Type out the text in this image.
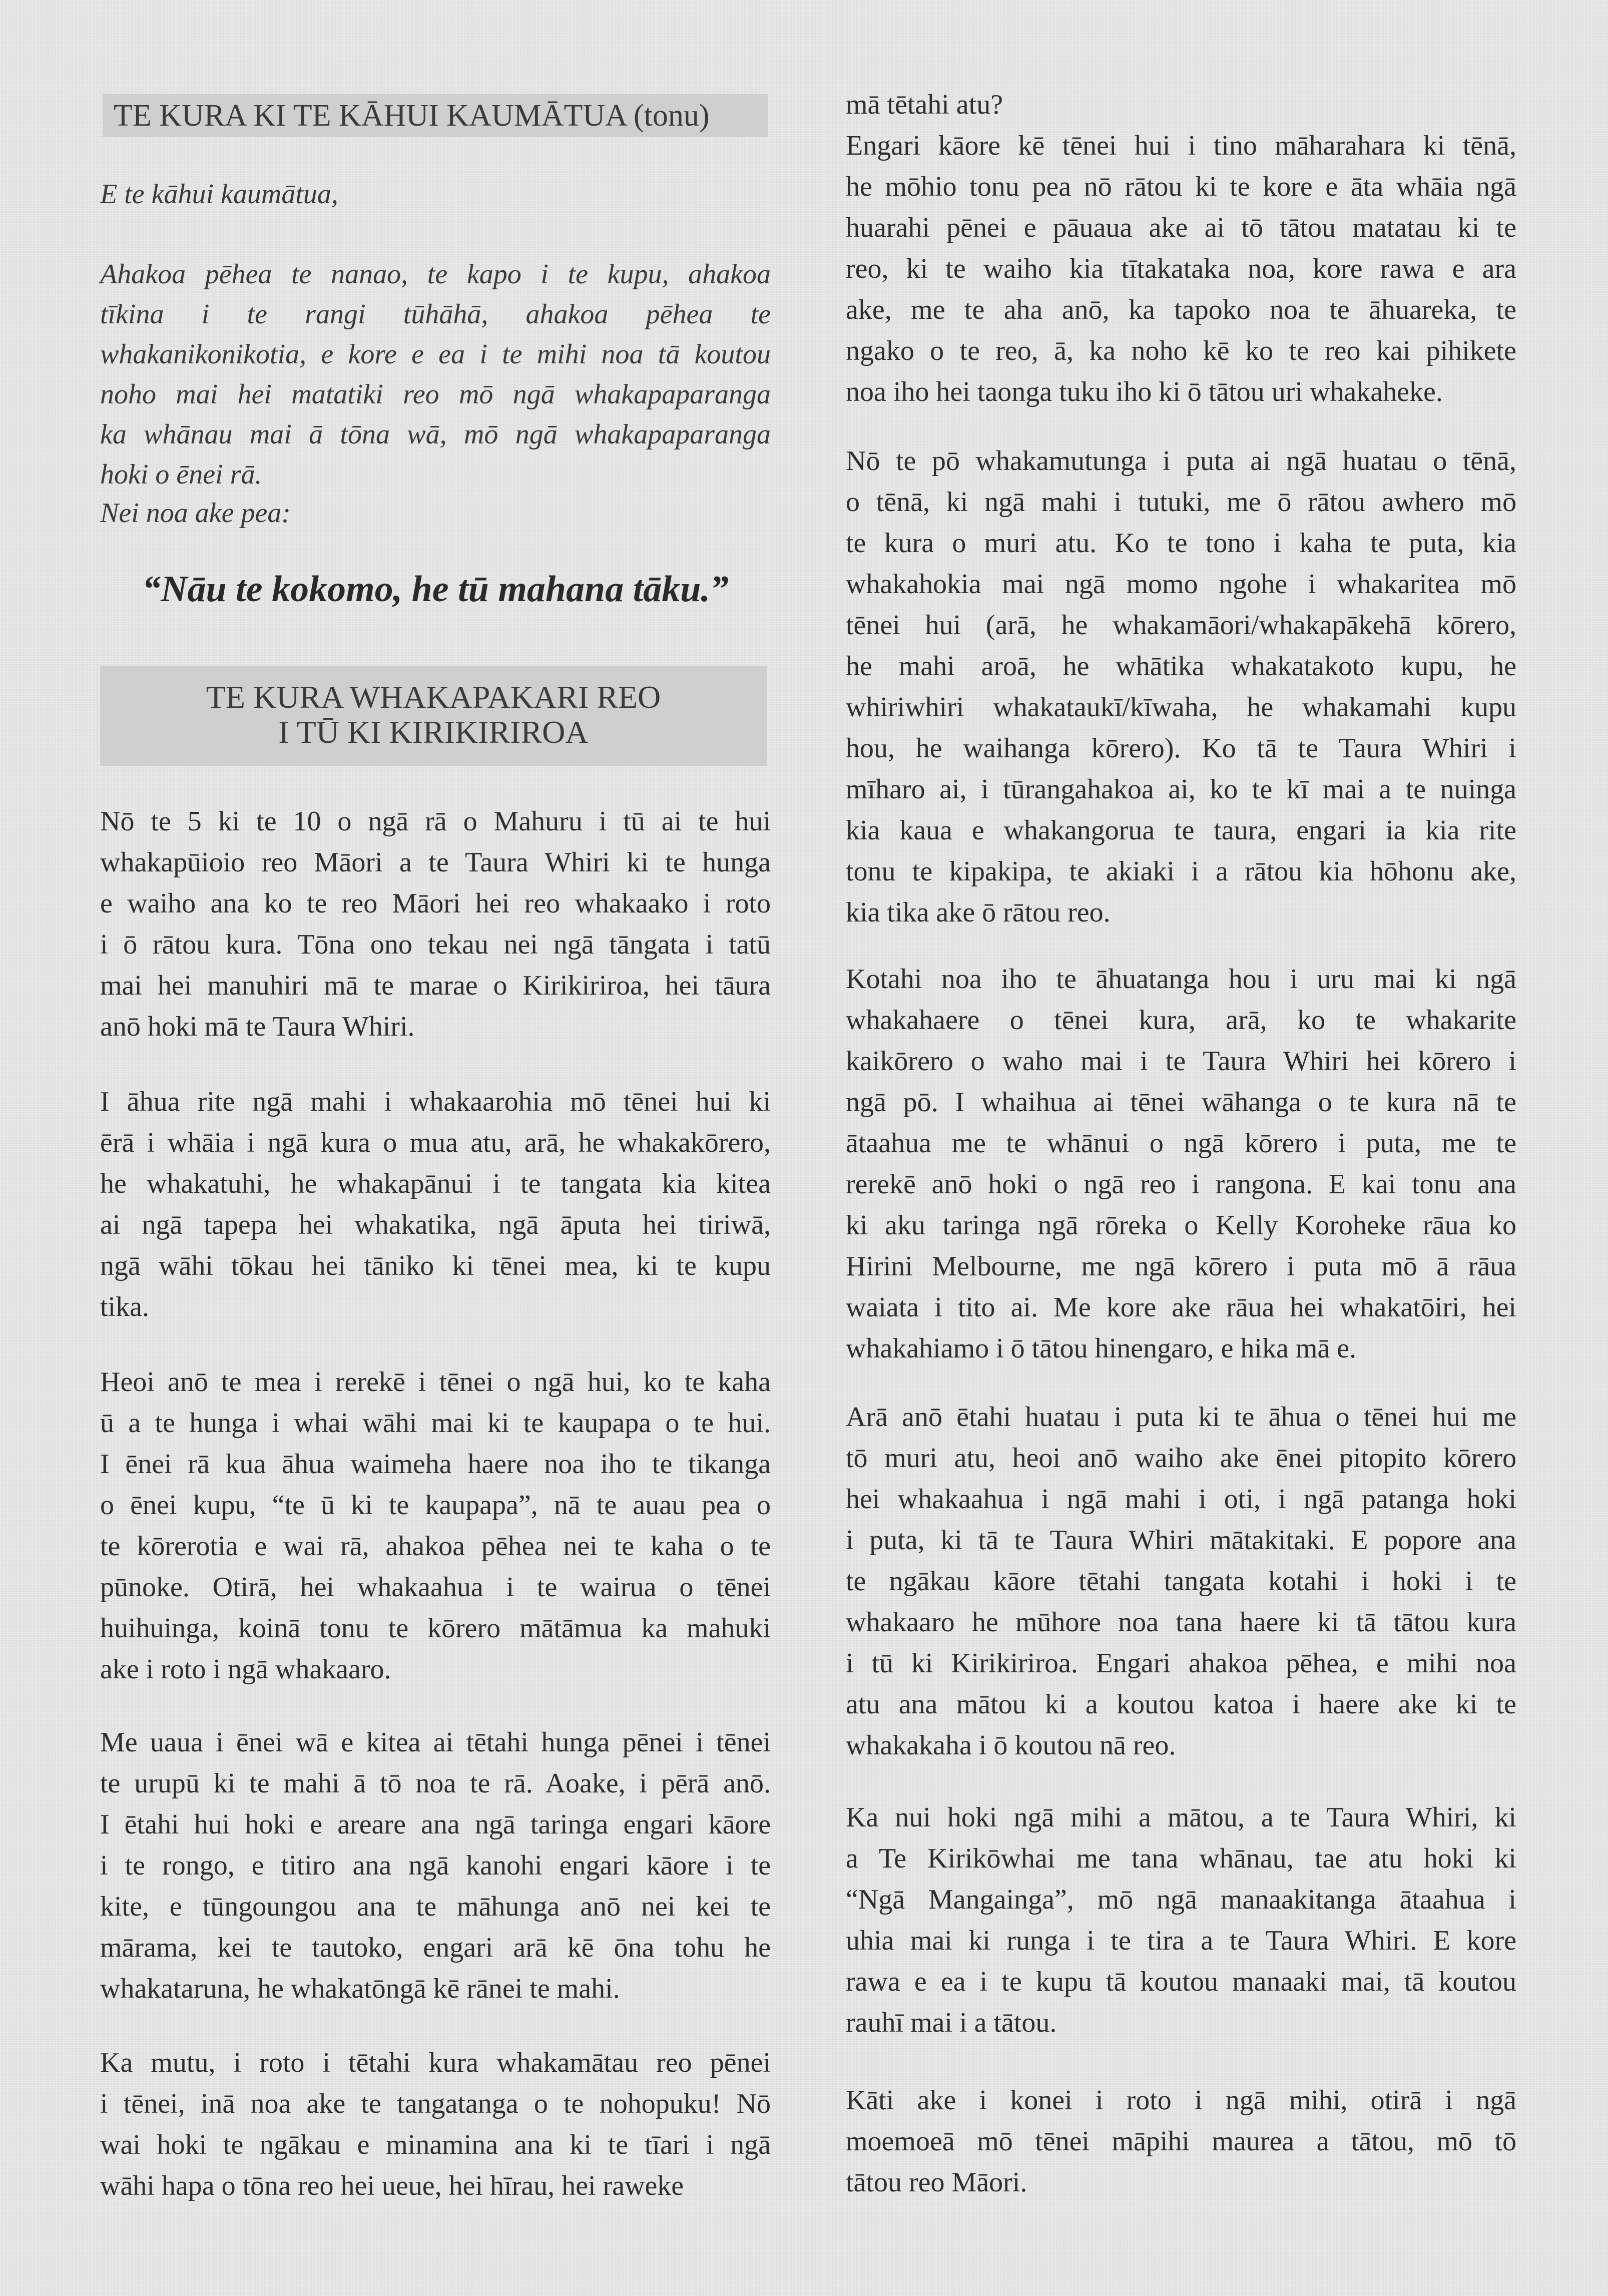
TE KURA KI TE KĀHUI KAUMĀTUA (tonu)
E te kāhui kaumātua,
Ahakoa pēhea te nanao, te kapo i te kupu, ahakoa
tīkina i te rangi tūhāhā, ahakoa pēhea te
whakanikonikotia, e kore e ea i te mihi noa tā koutou
noho mai hei matatiki reo mō ngā whakapaparanga
ka whānau mai ā tōna wā, mō ngā whakapaparanga
hoki o ēnei rā.
Nei noa ake pea:
“Nāu te kokomo, he tū mahana tāku.”
TE KURA WHAKAPAKARI REO
I TŪ KI KIRIKIRIROA
Nō te 5 ki te 10 o ngā rā o Mahuru i tū ai te hui
whakapūioio reo Māori a te Taura Whiri ki te hunga
e waiho ana ko te reo Māori hei reo whakaako i roto
i ō rātou kura. Tōna ono tekau nei ngā tāngata i tatū
mai hei manuhiri mā te marae o Kirikiriroa, hei tāura
anō hoki mā te Taura Whiri.
I āhua rite ngā mahi i whakaarohia mō tēnei hui ki
ērā i whāia i ngā kura o mua atu, arā, he whakakōrero,
he whakatuhi, he whakapānui i te tangata kia kitea
ai ngā tapepa hei whakatika, ngā āputa hei tiriwā,
ngā wāhi tōkau hei tāniko ki tēnei mea, ki te kupu
tika.
Heoi anō te mea i rerekē i tēnei o ngā hui, ko te kaha
ū a te hunga i whai wāhi mai ki te kaupapa o te hui.
I ēnei rā kua āhua waimeha haere noa iho te tikanga
o ēnei kupu, “te ū ki te kaupapa”, nā te auau pea o
te kōrerotia e wai rā, ahakoa pēhea nei te kaha o te
pūnoke. Otirā, hei whakaahua i te wairua o tēnei
huihuinga, koinā tonu te kōrero mātāmua ka mahuki
ake i roto i ngā whakaaro.
Me uaua i ēnei wā e kitea ai tētahi hunga pēnei i tēnei
te urupū ki te mahi ā tō noa te rā. Aoake, i pērā anō.
I ētahi hui hoki e areare ana ngā taringa engari kāore
i te rongo, e titiro ana ngā kanohi engari kāore i te
kite, e tūngoungou ana te māhunga anō nei kei te
mārama, kei te tautoko, engari arā kē ōna tohu he
whakataruna, he whakatōngā kē rānei te mahi.
Ka mutu, i roto i tētahi kura whakamātau reo pēnei
i tēnei, inā noa ake te tangatanga o te nohopuku! Nō
wai hoki te ngākau e minamina ana ki te tīari i ngā
wāhi hapa o tōna reo hei ueue, hei hīrau, hei raweke
mā tētahi atu?
Engari kāore kē tēnei hui i tino māharahara ki tēnā,
he mōhio tonu pea nō rātou ki te kore e āta whāia ngā
huarahi pēnei e pāuaua ake ai tō tātou matatau ki te
reo, ki te waiho kia tītakataka noa, kore rawa e ara
ake, me te aha anō, ka tapoko noa te āhuareka, te
ngako o te reo, ā, ka noho kē ko te reo kai pihikete
noa iho hei taonga tuku iho ki ō tātou uri whakaheke.
Nō te pō whakamutunga i puta ai ngā huatau o tēnā,
o tēnā, ki ngā mahi i tutuki, me ō rātou awhero mō
te kura o muri atu. Ko te tono i kaha te puta, kia
whakahokia mai ngā momo ngohe i whakaritea mō
tēnei hui (arā, he whakamāori/whakapākehā kōrero,
he mahi aroā, he whātika whakatakoto kupu, he
whiriwhiri whakataukī/kīwaha, he whakamahi kupu
hou, he waihanga kōrero). Ko tā te Taura Whiri i
mīharo ai, i tūrangahakoa ai, ko te kī mai a te nuinga
kia kaua e whakangorua te taura, engari ia kia rite
tonu te kipakipa, te akiaki i a rātou kia hōhonu ake,
kia tika ake ō rātou reo.
Kotahi noa iho te āhuatanga hou i uru mai ki ngā
whakahaere o tēnei kura, arā, ko te whakarite
kaikōrero o waho mai i te Taura Whiri hei kōrero i
ngā pō. I whaihua ai tēnei wāhanga o te kura nā te
ātaahua me te whānui o ngā kōrero i puta, me te
rerekē anō hoki o ngā reo i rangona. E kai tonu ana
ki aku taringa ngā rōreka o Kelly Koroheke rāua ko
Hirini Melbourne, me ngā kōrero i puta mō ā rāua
waiata i tito ai. Me kore ake rāua hei whakatōiri, hei
whakahiamo i ō tātou hinengaro, e hika mā e.
Arā anō ētahi huatau i puta ki te āhua o tēnei hui me
tō muri atu, heoi anō waiho ake ēnei pitopito kōrero
hei whakaahua i ngā mahi i oti, i ngā patanga hoki
i puta, ki tā te Taura Whiri mātakitaki. E popore ana
te ngākau kāore tētahi tangata kotahi i hoki i te
whakaaro he mūhore noa tana haere ki tā tātou kura
i tū ki Kirikiriroa. Engari ahakoa pēhea, e mihi noa
atu ana mātou ki a koutou katoa i haere ake ki te
whakakaha i ō koutou nā reo.
Ka nui hoki ngā mihi a mātou, a te Taura Whiri, ki
a Te Kirikōwhai me tana whānau, tae atu hoki ki
“Ngā Mangainga”, mō ngā manaakitanga ātaahua i
uhia mai ki runga i te tira a te Taura Whiri. E kore
rawa e ea i te kupu tā koutou manaaki mai, tā koutou
rauhī mai i a tātou.
Kāti ake i konei i roto i ngā mihi, otirā i ngā
moemoeā mō tēnei māpihi maurea a tātou, mō tō
tātou reo Māori.
